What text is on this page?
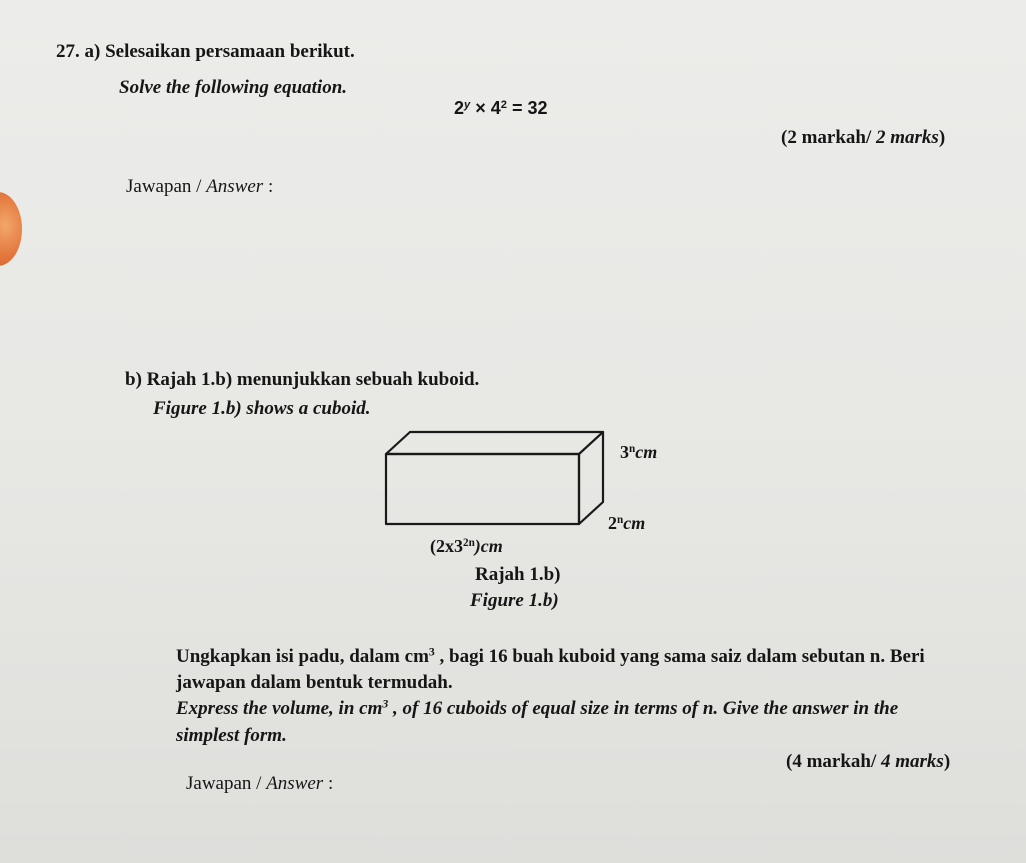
27. a) Selesaikan persamaan berikut.
Solve the following equation.
$2^y \times 4^2 = 32$
(2 markah/ 2 marks)
Jawapan / Answer :
b) Rajah 1.b) menunjukkan sebuah kuboid.
Figure 1.b) shows a cuboid.
3$^n$cm
2$^n$cm
$(2x3^{2n})cm$
Rajah 1.b)
Figure 1.b)
Ungkapkan isi padu, dalam $cm^3$ , bagi 16 buah kuboid yang sama saiz dalam sebutan n. Beri
jawapan dalam bentuk termudah.
Express the volume, in $cm^3$ , of 16 cuboids of equal size in terms of n. Give the answer in the
simplest form.
(4 markah/ 4 marks)
Jawapan / Answer :
